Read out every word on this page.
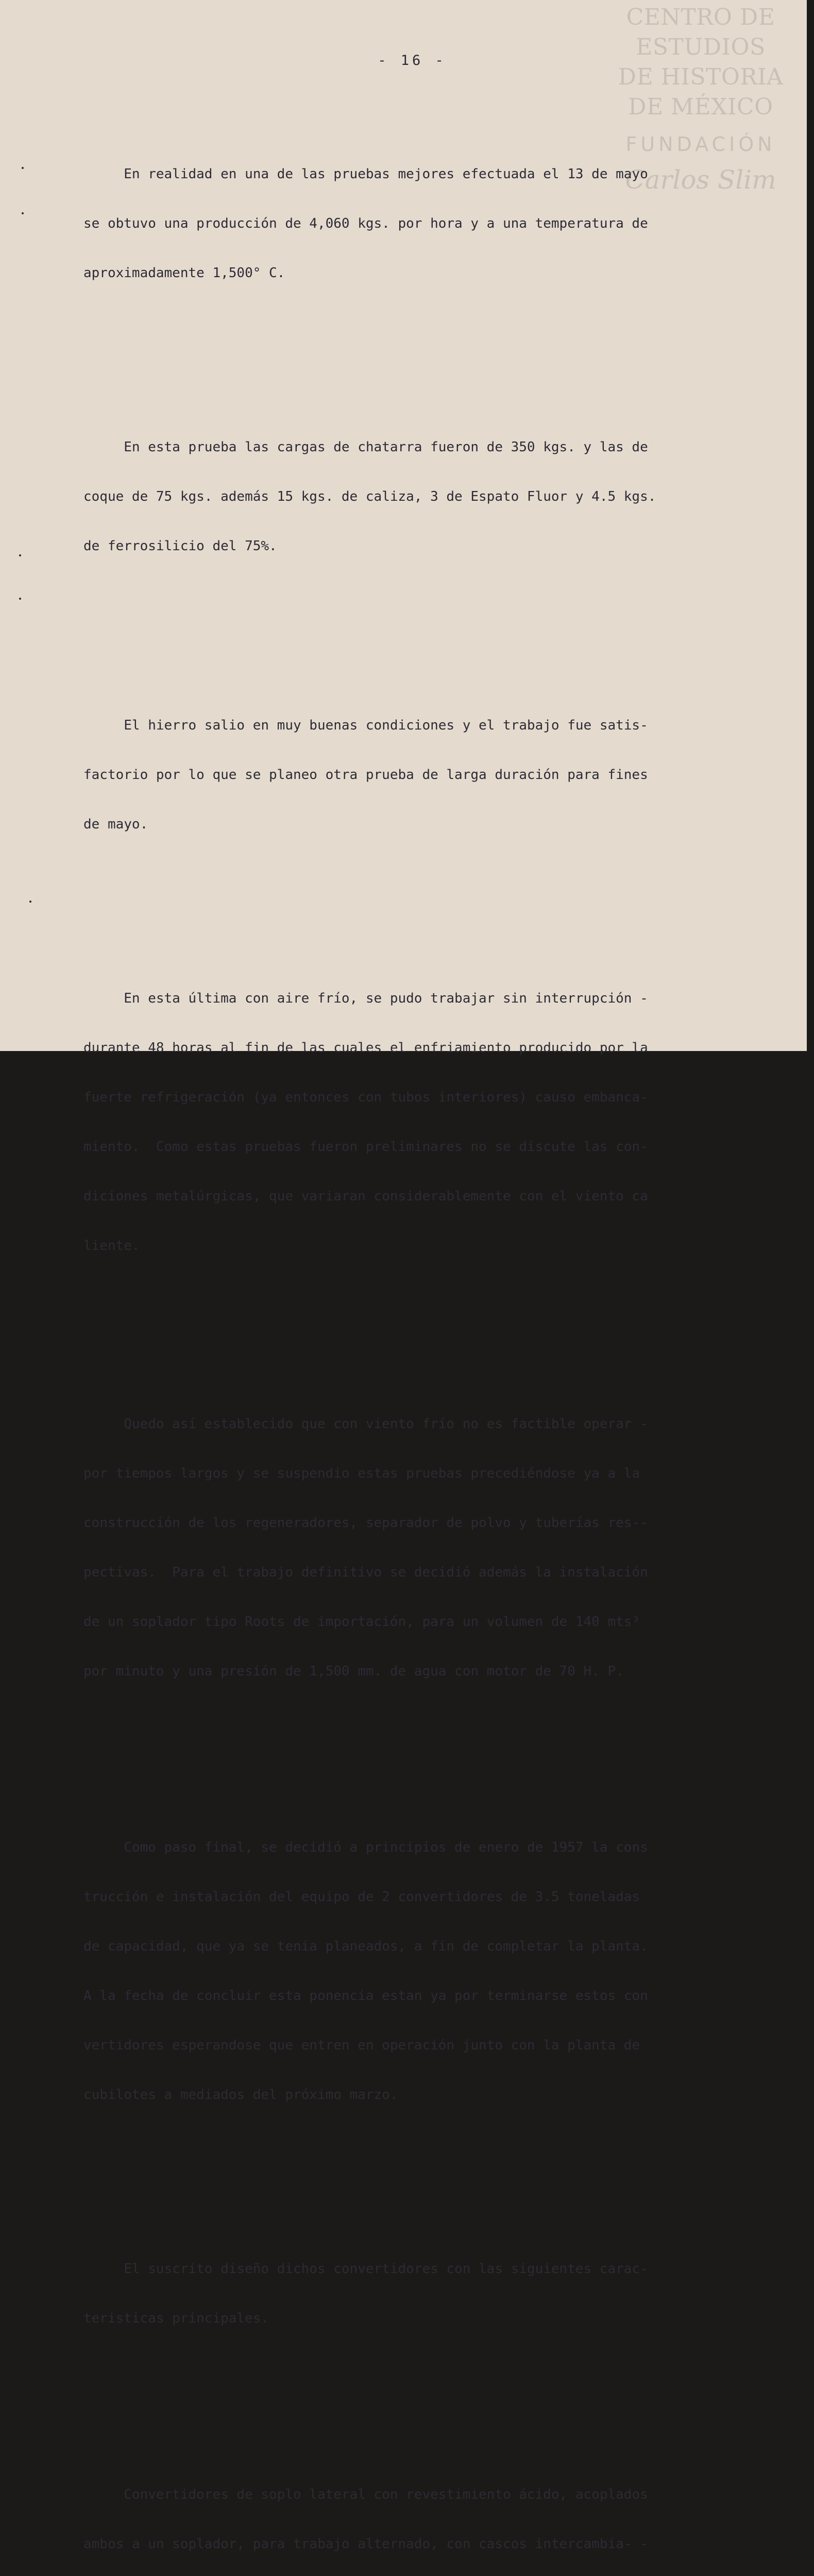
CENTRO DE
ESTUDIOS
DE HISTORIA
DE MÉXICO
FUNDACIÓN
Carlos Slim
- 16 -

En realidad en una de las pruebas mejores efectuada el 13 de mayo

se obtuvo una producción de 4,060 kgs. por hora y a una temperatura de

aproximadamente 1,500° C.

En esta prueba las cargas de chatarra fueron de 350 kgs. y las de

coque de 75 kgs. además 15 kgs. de caliza, 3 de Espato Fluor y 4.5 kgs.

de ferrosilicio del 75%.

El hierro salio en muy buenas condiciones y el trabajo fue satis-

factorio por lo que se planeo otra prueba de larga duración para fines

de mayo.

En esta última con aire frío, se pudo trabajar sin interrupción -

durante 48 horas al fin de las cuales el enfriamiento producido por la

fuerte refrigeración (ya entonces con tubos interiores) causo embanca-

miento.  Como estas pruebas fueron preliminares no se discute las con-

diciones metalúrgicas, que variaran considerablemente con el viento ca

liente.

Quedo así establecido que con viento frío no es factible operar -

por tiempos largos y se suspendio estas pruebas precediéndose ya a la

construcción de los regeneradores, separador de polvo y tuberías res--

pectivas.  Para el trabajo definitivo se decidió además la instalación

de un soplador tipo Roots de importación, para un volumen de 140 mts³

por minuto y una presión de 1,500 mm. de agua con motor de 70 H. P.

Como paso final, se decidió a principios de enero de 1957 la cons

trucción e instalación del equipo de 2 convertidores de 3.5 toneladas

de capacidad, que ya se tenia planeados, a fin de completar la planta.

A la fecha de concluir esta ponencia estan ya por terminarse estos con

vertidores esperandose que entren en operación junto con la planta de

cubilotes a mediados del próximo marzo.

El suscrito diseño dichos convertidores con las siguientes carac-

teristicas principales.

Convertidores de soplo lateral con revestimiento ácido, acoplados

ambos a un soplador, para trabajo alternado, con cascos intercambia- -
